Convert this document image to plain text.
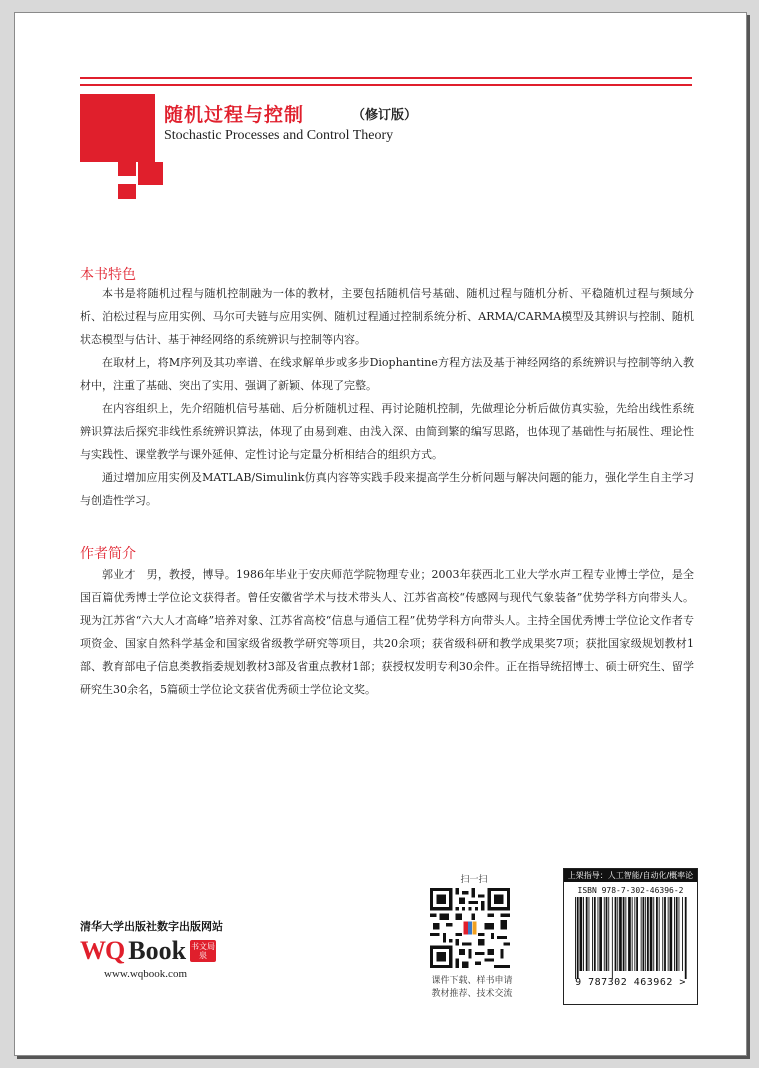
随机过程与控制	（修订版）
Stochastic Processes and Control Theory
本书特色
本书是将随机过程与随机控制融为一体的教材，主要包括随机信号基础、随机过程与随机分析、平稳随机过程与频域分析、泊松过程与应用实例、马尔可夫链与应用实例、随机过程通过控制系统分析、ARMA/CARMA模型及其辨识与控制、随机状态模型与估计、基于神经网络的系统辨识与控制等内容。
在取材上，将M序列及其功率谱、在线求解单步或多步Diophantine方程方法及基于神经网络的系统辨识与控制等纳入教材中，注重了基础、突出了实用、强调了新颖、体现了完整。
在内容组织上，先介绍随机信号基础、后分析随机过程、再讨论随机控制，先做理论分析后做仿真实验，先给出线性系统辨识算法后探究非线性系统辨识算法，体现了由易到难、由浅入深、由简到繁的编写思路，也体现了基础性与拓展性、理论性与实践性、课堂教学与课外延伸、定性讨论与定量分析相结合的组织方式。
通过增加应用实例及MATLAB/Simulink仿真内容等实践手段来提高学生分析问题与解决问题的能力，强化学生自主学习与创造性学习。
作者简介
郭业才　男，教授，博导。1986年毕业于安庆师范学院物理专业；2003年获西北工业大学水声工程专业博士学位，是全国百篇优秀博士学位论文获得者。曾任安徽省学术与技术带头人、江苏省高校“传感网与现代气象装备”优势学科方向带头人。现为江苏省“六大人才高峰”培养对象、江苏省高校“信息与通信工程”优势学科方向带头人。主持全国优秀博士学位论文作者专项资金、国家自然科学基金和国家级省级教学研究等项目，共20余项；获省级科研和教学成果奖7项；获批国家级规划教材1部、教育部电子信息类教指委规划教材3部及省重点教材1部；获授权发明专利30余件。正在指导统招博士、硕士研究生、留学研究生30余名，5篇硕士学位论文获省优秀硕士学位论文奖。
清华大学出版社数字出版网站
WQ Book 书文局泉
www.wqbook.com
扫一扫
课件下载、样书申请
教材推荐、技术交流
上架指导：人工智能/自动化/概率论
ISBN 978-7-302-46396-2
9 787302 463962 >
